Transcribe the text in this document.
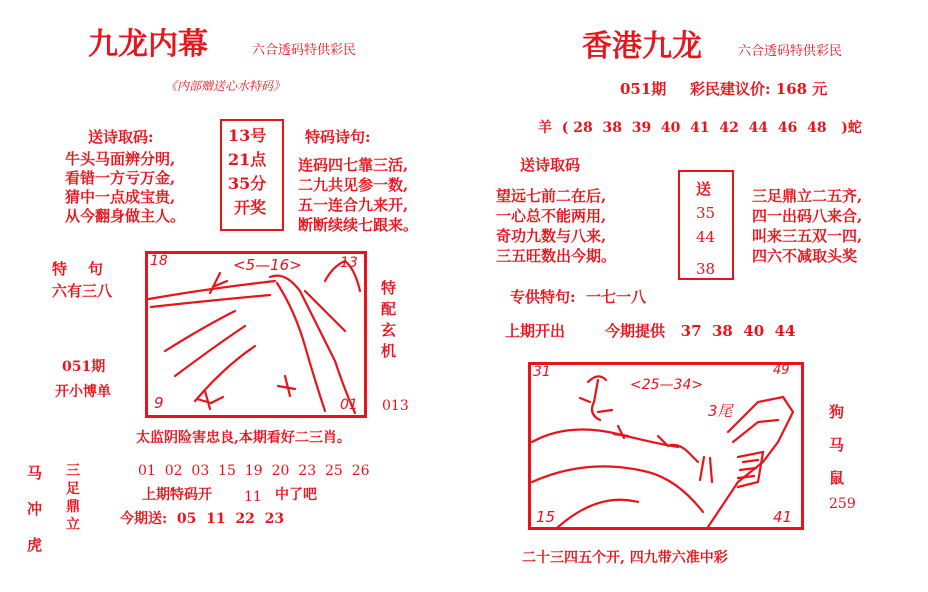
九龙内幕	六合透码特供彩民
《内部赠送心水特码》
送诗取码:
牛头马面辨分明,
看错一方亏万金,
猜中一点成宝贵,
从今翻身做主人。
13号
21点
35分
开奖
特码诗句:
连码四七靠三活,
二九共见参一数,
五一连合九来开,
断断续续七跟来。
特    句
六有三八
051期
开小博单
18	<5—16>	13
9	01
特
配
玄
机
013
太监阴险害忠良,本期看好二三肖。
马
冲
虎
三
足
鼎
立
01  02  03  15  19  20  23  25  26
上期特码开 11 中了吧
今期送:  05  11  22  23
香港九龙	六合透码特供彩民
051期 彩民建议价: 168 元
羊  ( 28  38  39  40  41  42  44  46  48   )蛇
送诗取码
望远七前二在后,
一心总不能两用,
奇功九数与八来,
三五旺数出今期。
送
35
44
38
三足鼎立二五齐,
四一出码八来合,
叫来三五双一四,
四六不减取头奖
专供特句:  一七一八
上期开出	今期提供   37  38  40  44
31
<25—34>
49
3尾
15	41
狗
马
鼠
259
二十三四五个开, 四九带六准中彩
